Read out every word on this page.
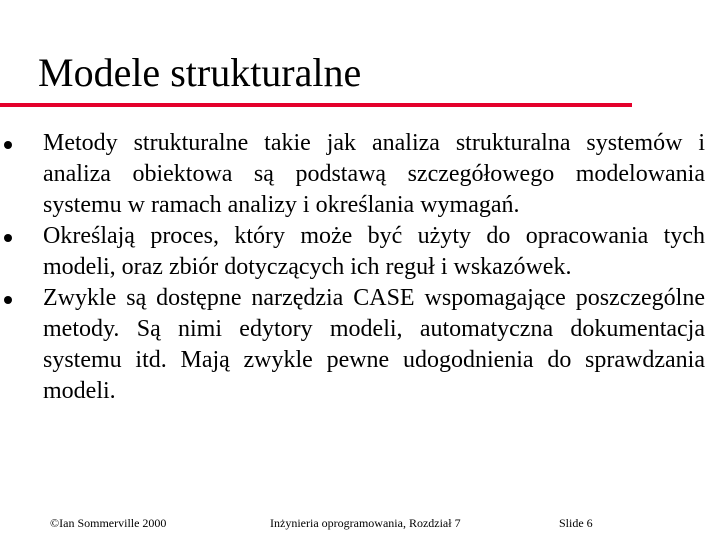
Modele strukturalne
Metody strukturalne takie jak analiza strukturalna systemów i analiza obiektowa są podstawą szczegółowego modelowania systemu w ramach analizy i określania wymagań.
Określają proces, który może być użyty do opracowania tych modeli, oraz zbiór dotyczących ich reguł i wskazówek.
Zwykle są dostępne narzędzia CASE wspomagające poszczególne metody. Są nimi edytory modeli, automatyczna dokumentacja systemu itd. Mają zwykle pewne udogodnienia do sprawdzania modeli.
©Ian Sommerville 2000	Inżynieria oprogramowania, Rozdział 7	Slide 6
